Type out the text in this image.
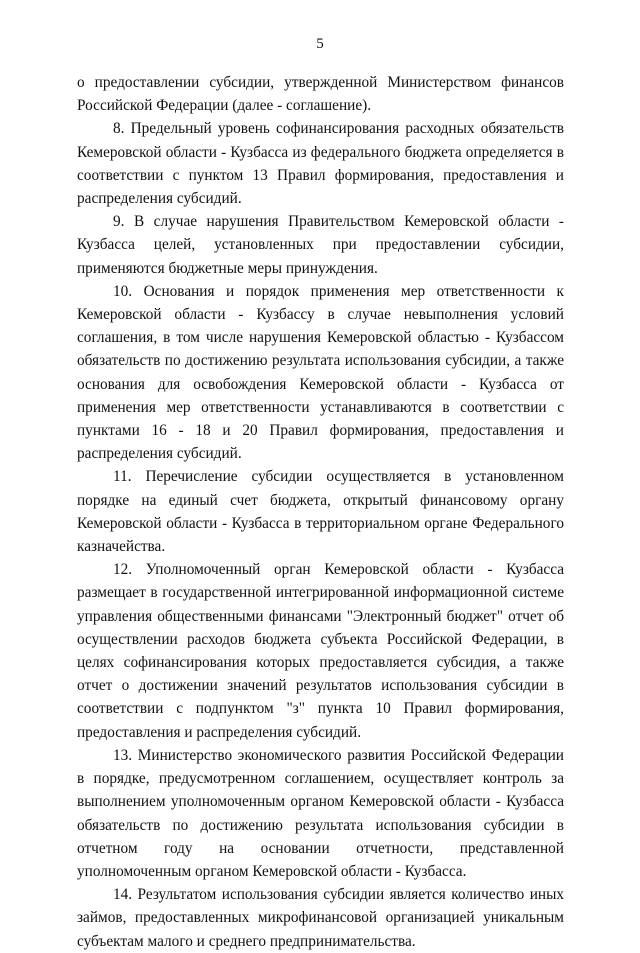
5

о предоставлении субсидии, утвержденной Министерством финансов Российской Федерации (далее - соглашение).

8. Предельный уровень софинансирования расходных обязательств Кемеровской области - Кузбасса из федерального бюджета определяется в соответствии с пунктом 13 Правил формирования, предоставления и распределения субсидий.

9. В случае нарушения Правительством Кемеровской области - Кузбасса целей, установленных при предоставлении субсидии, применяются бюджетные меры принуждения.

10. Основания и порядок применения мер ответственности к Кемеровской области - Кузбассу в случае невыполнения условий соглашения, в том числе нарушения Кемеровской областью - Кузбассом обязательств по достижению результата использования субсидии, а также основания для освобождения Кемеровской области - Кузбасса от применения мер ответственности устанавливаются в соответствии с пунктами 16 - 18 и 20 Правил формирования, предоставления и распределения субсидий.

11. Перечисление субсидии осуществляется в установленном порядке на единый счет бюджета, открытый финансовому органу Кемеровской области - Кузбасса в территориальном органе Федерального казначейства.

12. Уполномоченный орган Кемеровской области - Кузбасса размещает в государственной интегрированной информационной системе управления общественными финансами "Электронный бюджет" отчет об осуществлении расходов бюджета субъекта Российской Федерации, в целях софинансирования которых предоставляется субсидия, а также отчет о достижении значений результатов использования субсидии в соответствии с подпунктом "з" пункта 10 Правил формирования, предоставления и распределения субсидий.

13. Министерство экономического развития Российской Федерации в порядке, предусмотренном соглашением, осуществляет контроль за выполнением уполномоченным органом Кемеровской области - Кузбасса обязательств по достижению результата использования субсидии в отчетном году на основании отчетности, представленной уполномоченным органом Кемеровской области - Кузбасса.

14. Результатом использования субсидии является количество иных займов, предоставленных микрофинансовой организацией уникальным субъектам малого и среднего предпринимательства.
